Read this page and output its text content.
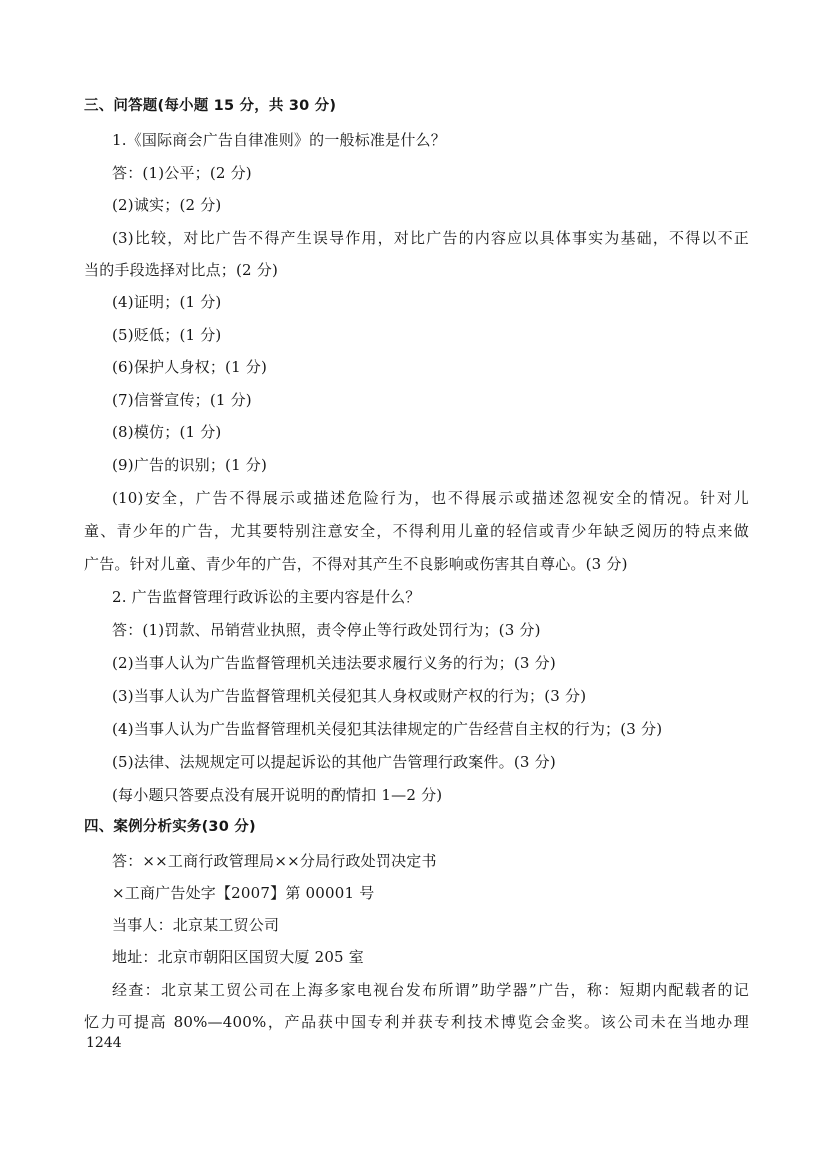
三、问答题(每小题 15 分，共 30 分)
1.《国际商会广告自律准则》的一般标准是什么？
答：(1)公平；(2 分)
(2)诚实；(2 分)
(3)比较，对比广告不得产生误导作用，对比广告的内容应以具体事实为基础，不得以不正
当的手段选择对比点；(2 分)
(4)证明；(1 分)
(5)贬低；(1 分)
(6)保护人身权；(1 分)
(7)信誉宣传；(1 分)
(8)模仿；(1 分)
(9)广告的识别；(1 分)
(10)安全，广告不得展示或描述危险行为，也不得展示或描述忽视安全的情况。针对儿
童、青少年的广告，尤其要特别注意安全，不得利用儿童的轻信或青少年缺乏阅历的特点来做
广告。针对儿童、青少年的广告，不得对其产生不良影响或伤害其自尊心。(3 分)
2. 广告监督管理行政诉讼的主要内容是什么？
答：(1)罚款、吊销营业执照，责令停止等行政处罚行为；(3 分)
(2)当事人认为广告监督管理机关违法要求履行义务的行为；(3 分)
(3)当事人认为广告监督管理机关侵犯其人身权或财产权的行为；(3 分)
(4)当事人认为广告监督管理机关侵犯其法律规定的广告经营自主权的行为；(3 分)
(5)法律、法规规定可以提起诉讼的其他广告管理行政案件。(3 分)
(每小题只答要点没有展开说明的酌情扣 1—2 分)
四、案例分析实务(30 分)
答：××工商行政管理局××分局行政处罚决定书
×工商广告处字【2007】第 00001 号
当事人：北京某工贸公司
地址：北京市朝阳区国贸大厦 205 室
经查：北京某工贸公司在上海多家电视台发布所谓”助学器”广告，称：短期内配载者的记
忆力可提高 80%—400%，产品获中国专利并获专利技术博览会金奖。该公司未在当地办理
1244
